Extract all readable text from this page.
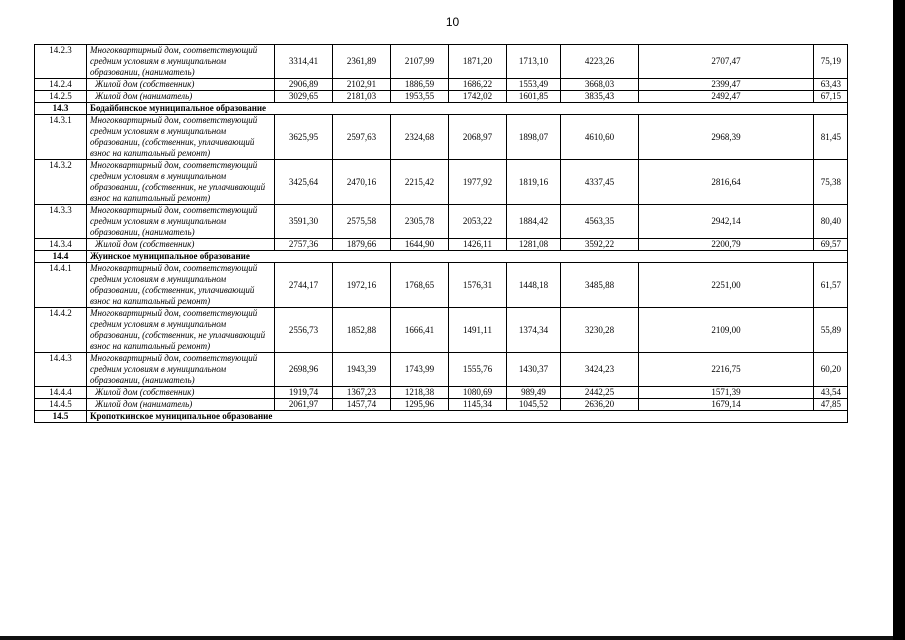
10
14.2.3	Многоквартирный дом, соответствующий средним условиям в муниципальном образовании, (наниматель)	3314,41	2361,89	2107,99	1871,20	1713,10	4223,26	2707,47	75,19
14.2.4	Жилой дом (собственник)	2906,89	2102,91	1886,59	1686,22	1553,49	3668,03	2399,47	63,43
14.2.5	Жилой дом (наниматель)	3029,65	2181,03	1953,55	1742,02	1601,85	3835,43	2492,47	67,15
14.3	Бодайбинское муниципальное образование								
14.3.1	Многоквартирный дом, соответствующий средним условиям в муниципальном образовании, (собственник, уплачивающий взнос на капитальный ремонт)	3625,95	2597,63	2324,68	2068,97	1898,07	4610,60	2968,39	81,45
14.3.2	Многоквартирный дом, соответствующий средним условиям в муниципальном образовании, (собственник, не уплачивающий взнос на капитальный ремонт)	3425,64	2470,16	2215,42	1977,92	1819,16	4337,45	2816,64	75,38
14.3.3	Многоквартирный дом, соответствующий средним условиям в муниципальном образовании, (наниматель)	3591,30	2575,58	2305,78	2053,22	1884,42	4563,35	2942,14	80,40
14.3.4	Жилой дом (собственник)	2757,36	1879,66	1644,90	1426,11	1281,08	3592,22	2200,79	69,57
14.4	Жуинское муниципальное образование								
14.4.1	Многоквартирный дом, соответствующий средним условиям в муниципальном образовании, (собственник, уплачивающий взнос на капитальный ремонт)	2744,17	1972,16	1768,65	1576,31	1448,18	3485,88	2251,00	61,57
14.4.2	Многоквартирный дом, соответствующий средним условиям в муниципальном образовании, (собственник, не уплачивающий взнос на капитальный ремонт)	2556,73	1852,88	1666,41	1491,11	1374,34	3230,28	2109,00	55,89
14.4.3	Многоквартирный дом, соответствующий средним условиям в муниципальном образовании, (наниматель)	2698,96	1943,39	1743,99	1555,76	1430,37	3424,23	2216,75	60,20
14.4.4	Жилой дом (собственник)	1919,74	1367,23	1218,38	1080,69	989,49	2442,25	1571,39	43,54
14.4.5	Жилой дом (наниматель)	2061,97	1457,74	1295,96	1145,34	1045,52	2636,20	1679,14	47,85
14.5	Кропоткинское муниципальное образование								
